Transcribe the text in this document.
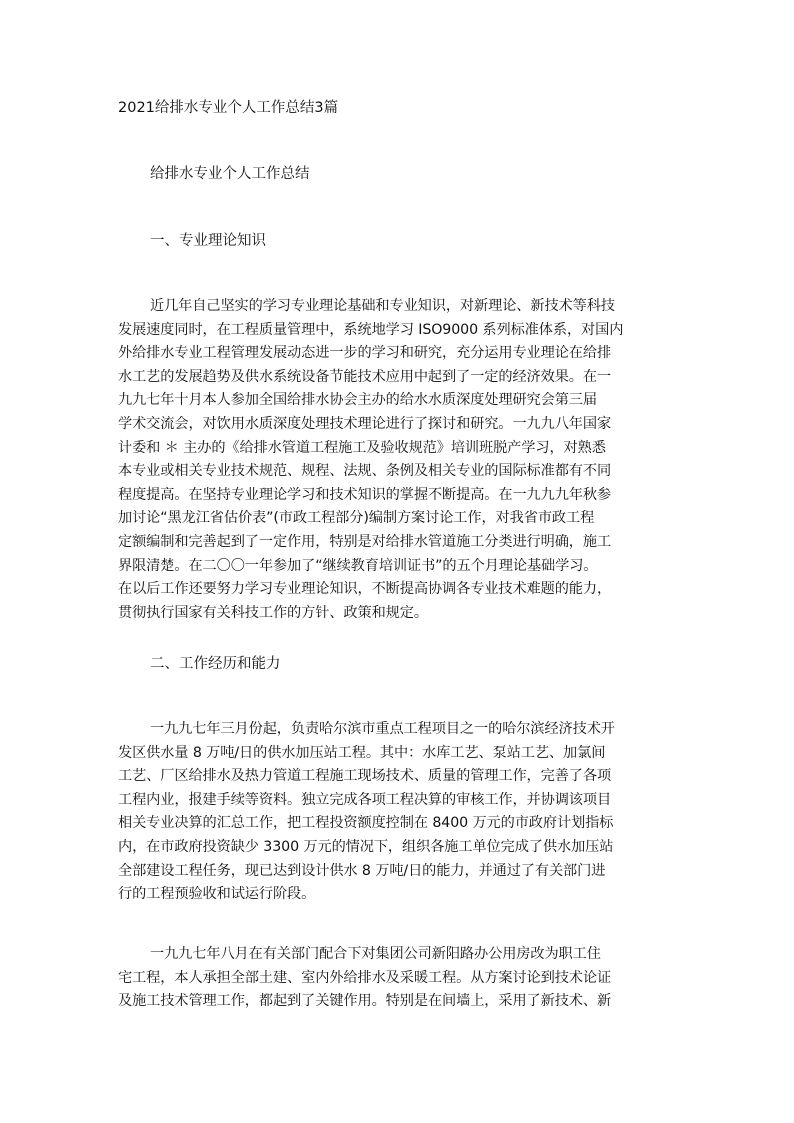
2021给排水专业个人工作总结3篇
给排水专业个人工作总结
一、专业理论知识
近几年自己坚实的学习专业理论基础和专业知识，对新理论、新技术等科技
发展速度同时，在工程质量管理中，系统地学习 ISO9000 系列标准体系，对国内
外给排水专业工程管理发展动态进一步的学习和研究，充分运用专业理论在给排
水工艺的发展趋势及供水系统设备节能技术应用中起到了一定的经济效果。在一
九九七年十月本人参加全国给排水协会主办的给水水质深度处理研究会第三届
学术交流会，对饮用水质深度处理技术理论进行了探讨和研究。一九九八年国家
计委和 ＊ 主办的《给排水管道工程施工及验收规范》培训班脱产学习，对熟悉
本专业或相关专业技术规范、规程、法规、条例及相关专业的国际标准都有不同
程度提高。在坚持专业理论学习和技术知识的掌握不断提高。在一九九九年秋参
加讨论“黑龙江省估价表”(市政工程部分)编制方案讨论工作，对我省市政工程
定额编制和完善起到了一定作用，特别是对给排水管道施工分类进行明确，施工
界限清楚。在二〇〇一年参加了“继续教育培训证书”的五个月理论基础学习。
在以后工作还要努力学习专业理论知识，不断提高协调各专业技术难题的能力，
贯彻执行国家有关科技工作的方针、政策和规定。
二、工作经历和能力
一九九七年三月份起，负责哈尔滨市重点工程项目之一的哈尔滨经济技术开
发区供水量 8 万吨/日的供水加压站工程。其中：水库工艺、泵站工艺、加氯间
工艺、厂区给排水及热力管道工程施工现场技术、质量的管理工作，完善了各项
工程内业，报建手续等资料。独立完成各项工程决算的审核工作，并协调该项目
相关专业决算的汇总工作，把工程投资额度控制在 8400 万元的市政府计划指标
内，在市政府投资缺少 3300 万元的情况下，组织各施工单位完成了供水加压站
全部建设工程任务，现已达到设计供水 8 万吨/日的能力，并通过了有关部门进
行的工程预验收和试运行阶段。
一九九七年八月在有关部门配合下对集团公司新阳路办公用房改为职工住
宅工程，本人承担全部土建、室内外给排水及采暖工程。从方案讨论到技术论证
及施工技术管理工作，都起到了关键作用。特别是在间墙上，采用了新技术、新
